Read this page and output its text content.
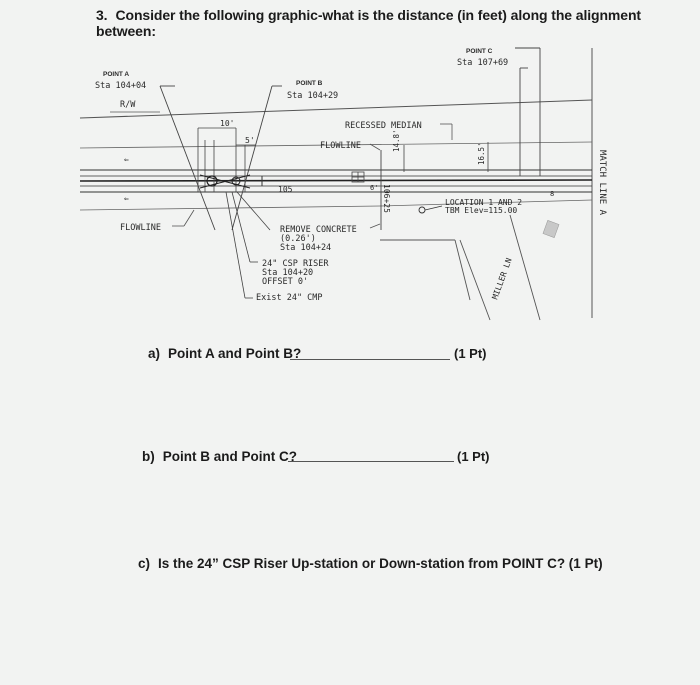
3. Consider the following graphic-what is the distance (in feet) along the alignment between:
MATCH LINE A
R/W
RECESSED MEDIAN
FLOWLINE
⇐
⇐
10'
5'
105	106+25
6'
14.8'
16.5'
8
LOCATION 1 AND 2
TBM Elev=115.00
MILLER LN
FLOWLINE	REMOVE CONCRETE
(0.26')
Sta 104+24
24" CSP RISER
Sta 104+20
OFFSET 0'
Exist 24" CMP
POINT A
Sta 104+04	POINT B
Sta 104+29
POINT C
Sta 107+69
a) Point A and Point B?	(1 Pt)
b) Point B and Point C?	(1 Pt)
c) Is the 24” CSP Riser Up-station or Down-station from POINT C? (1 Pt)
